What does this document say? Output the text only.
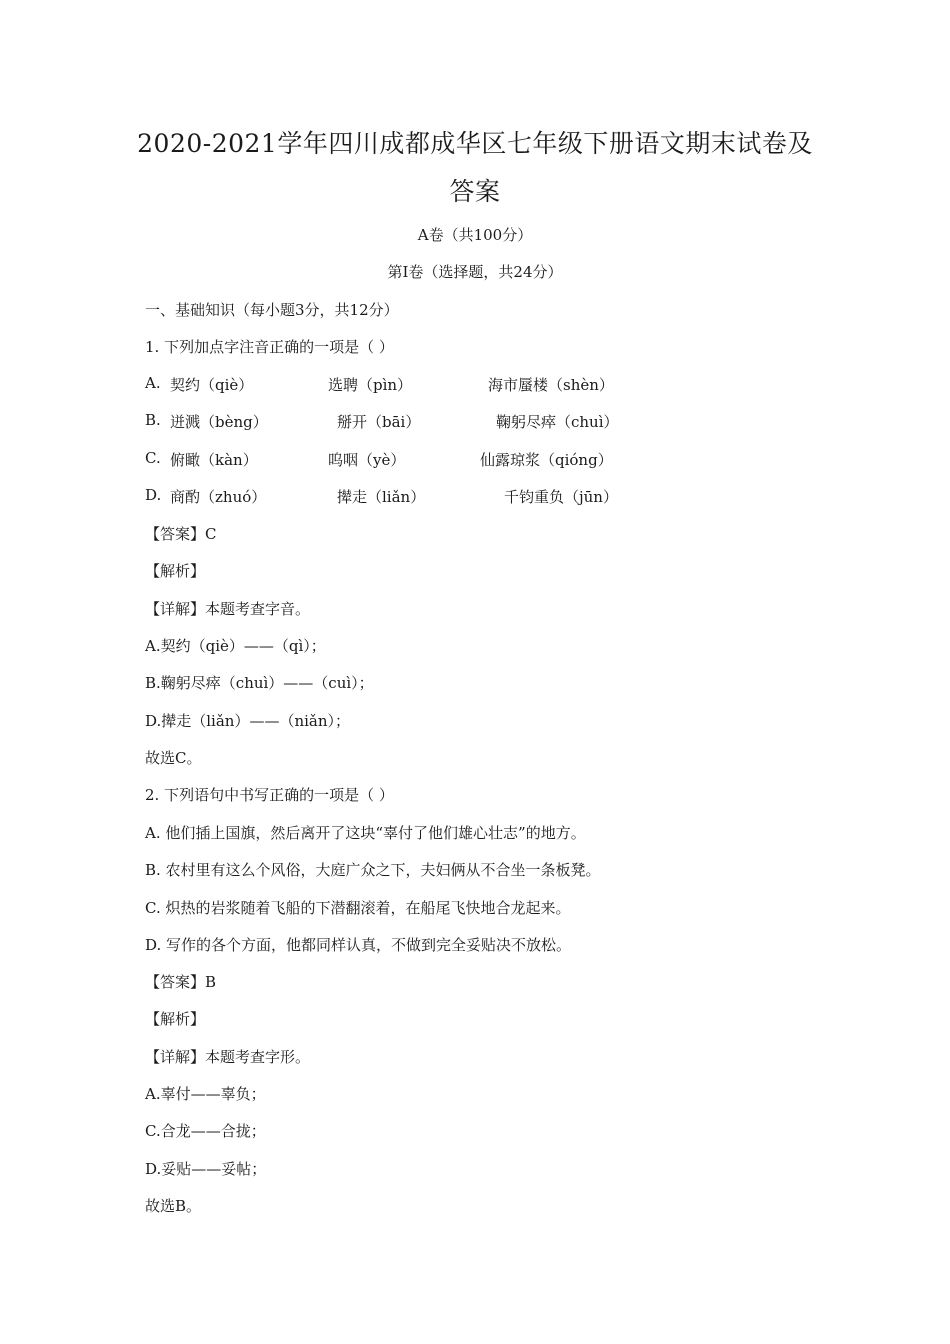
2020-2021学年四川成都成华区七年级下册语文期末试卷及
答案
A卷（共100分）
第Ⅰ卷（选择题，共24分）
一、基础知识（每小题3分，共12分）
1. 下列加点字注音正确的一项是（ ）
A. 契约（qiè）	选聘（pìn）	海市蜃楼（shèn）
B. 迸溅（bèng）	掰开（bāi）	鞠躬尽瘁（chuì）
C. 俯瞰（kàn）	呜咽（yè）	仙露琼浆（qióng）
D. 商酌（zhuó）	撵走（liǎn）	千钧重负（jūn）
【答案】C
【解析】
【详解】本题考查字音。
A.契约（qiè）——（qì）；
B.鞠躬尽瘁（chuì）——（cuì）；
D.撵走（liǎn）——（niǎn）；
故选C。
2. 下列语句中书写正确的一项是（ ）
A. 他们插上国旗，然后离开了这块“辜付了他们雄心壮志”的地方。
B. 农村里有这么个风俗，大庭广众之下，夫妇俩从不合坐一条板凳。
C. 炽热的岩浆随着飞船的下潜翻滚着，在船尾飞快地合龙起来。
D. 写作的各个方面，他都同样认真，不做到完全妥贴决不放松。
【答案】B
【解析】
【详解】本题考查字形。
A.辜付——辜负；
C.合龙——合拢；
D.妥贴——妥帖；
故选B。
